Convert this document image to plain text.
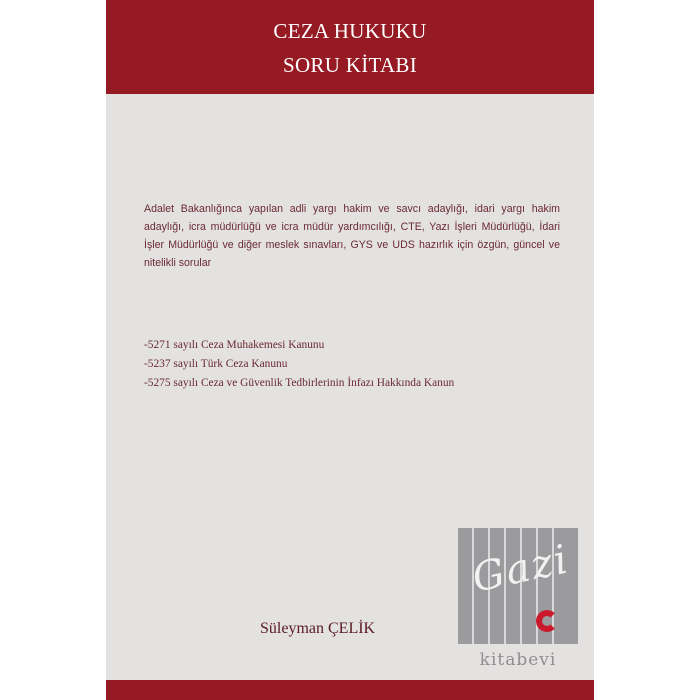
CEZA HUKUKU
SORU KİTABI
Adalet Bakanlığınca yapılan adli yargı hakim ve savcı adaylığı, idari yargı hakim adaylığı, icra müdürlüğü ve icra müdür yardımcılığı, CTE, Yazı İşleri Müdürlüğü, İdari İşler Müdürlüğü ve diğer meslek sınavları, GYS ve UDS hazırlık için özgün, güncel ve nitelikli sorular
-5271 sayılı Ceza Muhakemesi Kanunu
-5237 sayılı Türk Ceza Kanunu
-5275 sayılı Ceza ve Güvenlik Tedbirlerinin İnfazı Hakkında Kanun
Süleyman ÇELİK
Gazi
kitabevi
